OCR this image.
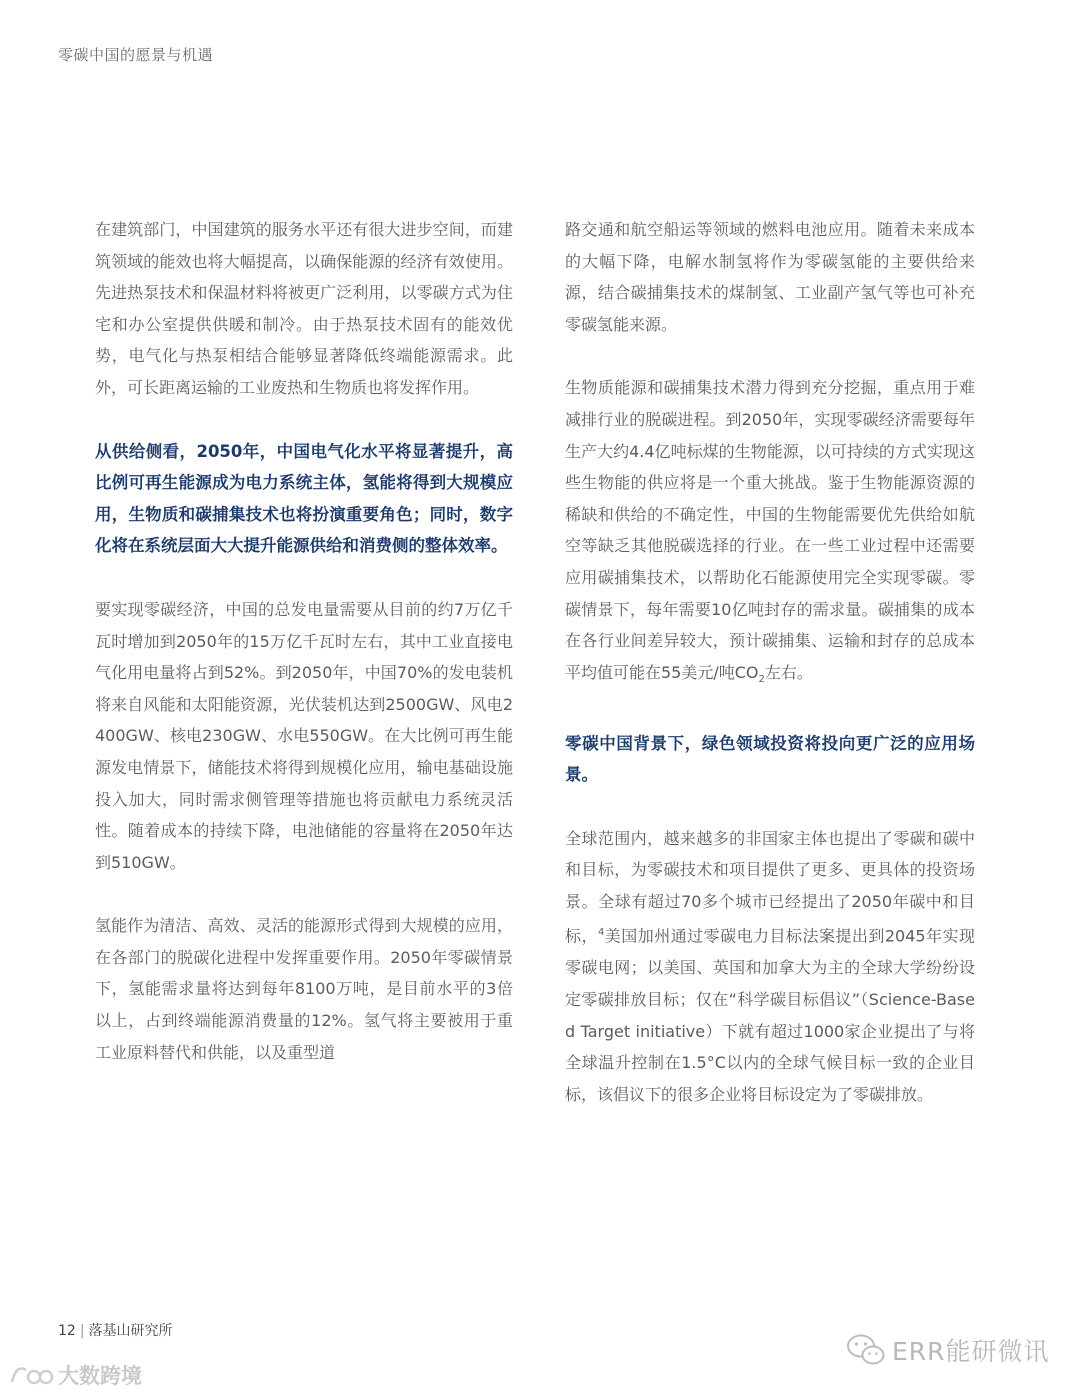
零碳中国的愿景与机遇

在建筑部门，中国建筑的服务水平还有很大进步空间，而建筑领域的能效也将大幅提高，以确保能源的经济有效使用。先进热泵技术和保温材料将被更广泛利用，以零碳方式为住宅和办公室提供供暖和制冷。由于热泵技术固有的能效优势，电气化与热泵相结合能够显著降低终端能源需求。此外，可长距离运输的工业废热和生物质也将发挥作用。

从供给侧看，2050年，中国电气化水平将显著提升，高比例可再生能源成为电力系统主体，氢能将得到大规模应用，生物质和碳捕集技术也将扮演重要角色；同时，数字化将在系统层面大大提升能源供给和消费侧的整体效率。

要实现零碳经济，中国的总发电量需要从目前的约7万亿千瓦时增加到2050年的15万亿千瓦时左右，其中工业直接电气化用电量将占到52%。到2050年，中国70%的发电装机将来自风能和太阳能资源，光伏装机达到2500GW、风电2400GW、核电230GW、水电550GW。在大比例可再生能源发电情景下，储能技术将得到规模化应用，输电基础设施投入加大，同时需求侧管理等措施也将贡献电力系统灵活性。随着成本的持续下降，电池储能的容量将在2050年达到510GW。

氢能作为清洁、高效、灵活的能源形式得到大规模的应用，在各部门的脱碳化进程中发挥重要作用。2050年零碳情景下，氢能需求量将达到每年8100万吨，是目前水平的3倍以上，占到终端能源消费量的12%。氢气将主要被用于重工业原料替代和供能，以及重型道

路交通和航空船运等领域的燃料电池应用。随着未来成本的大幅下降，电解水制氢将作为零碳氢能的主要供给来源，结合碳捕集技术的煤制氢、工业副产氢气等也可补充零碳氢能来源。

生物质能源和碳捕集技术潜力得到充分挖掘，重点用于难减排行业的脱碳进程。到2050年，实现零碳经济需要每年生产大约4.4亿吨标煤的生物能源，以可持续的方式实现这些生物能的供应将是一个重大挑战。鉴于生物能源资源的稀缺和供给的不确定性，中国的生物能需要优先供给如航空等缺乏其他脱碳选择的行业。在一些工业过程中还需要应用碳捕集技术，以帮助化石能源使用完全实现零碳。零碳情景下，每年需要10亿吨封存的需求量。碳捕集的成本在各行业间差异较大，预计碳捕集、运输和封存的总成本平均值可能在55美元/吨$CO_2$左右。

零碳中国背景下，绿色领域投资将投向更广泛的应用场景。

全球范围内，越来越多的非国家主体也提出了零碳和碳中和目标，为零碳技术和项目提供了更多、更具体的投资场景。全球有超过70多个城市已经提出了2050年碳中和目标，$^4$美国加州通过零碳电力目标法案提出到2045年实现零碳电网；以美国、英国和加拿大为主的全球大学纷纷设定零碳排放目标；仅在“科学碳目标倡议”（Science-Based Target initiative）下就有超过1000家企业提出了与将全球温升控制在1.5°C以内的全球气候目标一致的企业目标，该倡议下的很多企业将目标设定为了零碳排放。

12 | 落基山研究所
ERR能研微讯
大数跨境
